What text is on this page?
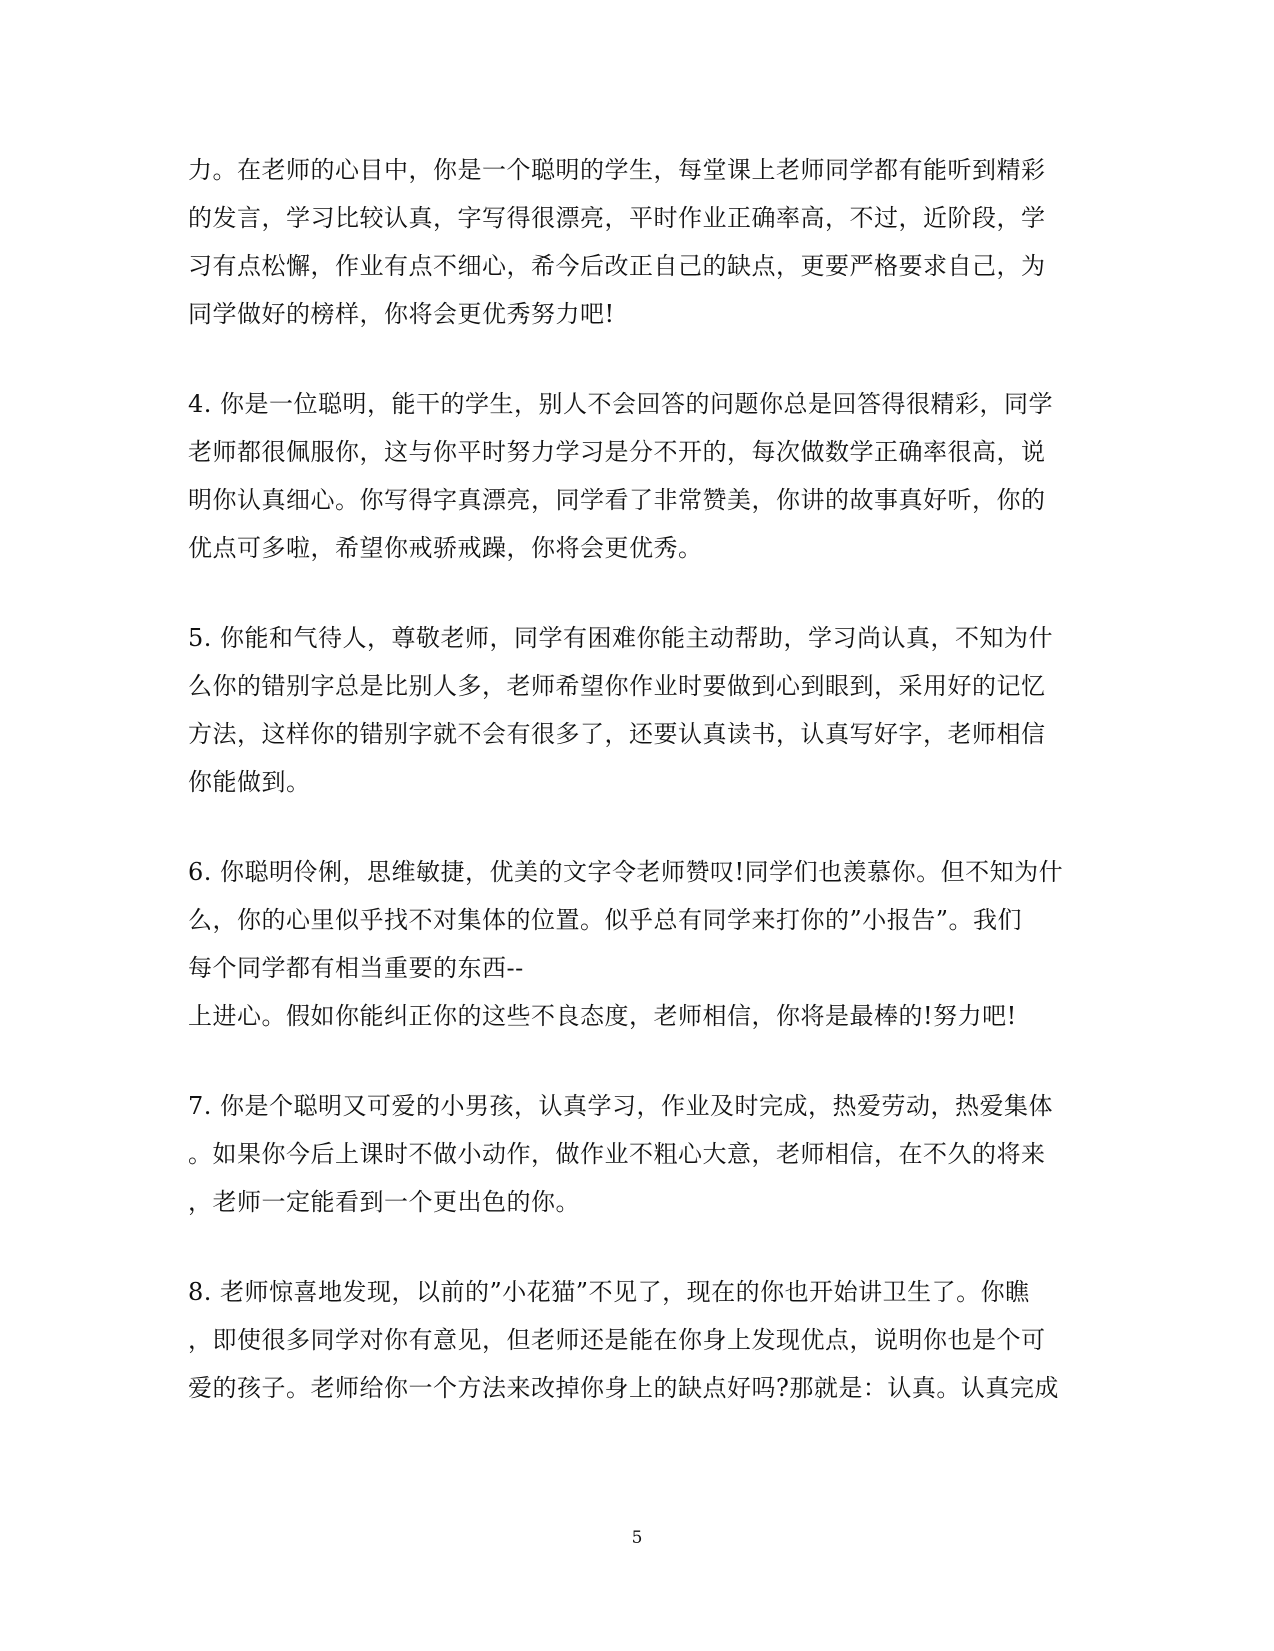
力。在老师的心目中，你是一个聪明的学生，每堂课上老师同学都有能听到精彩
的发言，学习比较认真，字写得很漂亮，平时作业正确率高，不过，近阶段，学
习有点松懈，作业有点不细心，希今后改正自己的缺点，更要严格要求自己，为
同学做好的榜样，你将会更优秀努力吧!
4. 你是一位聪明，能干的学生，别人不会回答的问题你总是回答得很精彩，同学
老师都很佩服你，这与你平时努力学习是分不开的，每次做数学正确率很高，说
明你认真细心。你写得字真漂亮，同学看了非常赞美，你讲的故事真好听，你的
优点可多啦，希望你戒骄戒躁，你将会更优秀。
5. 你能和气待人，尊敬老师，同学有困难你能主动帮助，学习尚认真，不知为什
么你的错别字总是比别人多，老师希望你作业时要做到心到眼到，采用好的记忆
方法，这样你的错别字就不会有很多了，还要认真读书，认真写好字，老师相信
你能做到。
6. 你聪明伶俐，思维敏捷，优美的文字令老师赞叹!同学们也羡慕你。但不知为什
么，你的心里似乎找不对集体的位置。似乎总有同学来打你的”小报告”。我们
每个同学都有相当重要的东西--
上进心。假如你能纠正你的这些不良态度，老师相信，你将是最棒的!努力吧!
7. 你是个聪明又可爱的小男孩，认真学习，作业及时完成，热爱劳动，热爱集体
。如果你今后上课时不做小动作，做作业不粗心大意，老师相信，在不久的将来
，老师一定能看到一个更出色的你。
8. 老师惊喜地发现，以前的”小花猫”不见了，现在的你也开始讲卫生了。你瞧
，即使很多同学对你有意见，但老师还是能在你身上发现优点，说明你也是个可
爱的孩子。老师给你一个方法来改掉你身上的缺点好吗?那就是：认真。认真完成
5
